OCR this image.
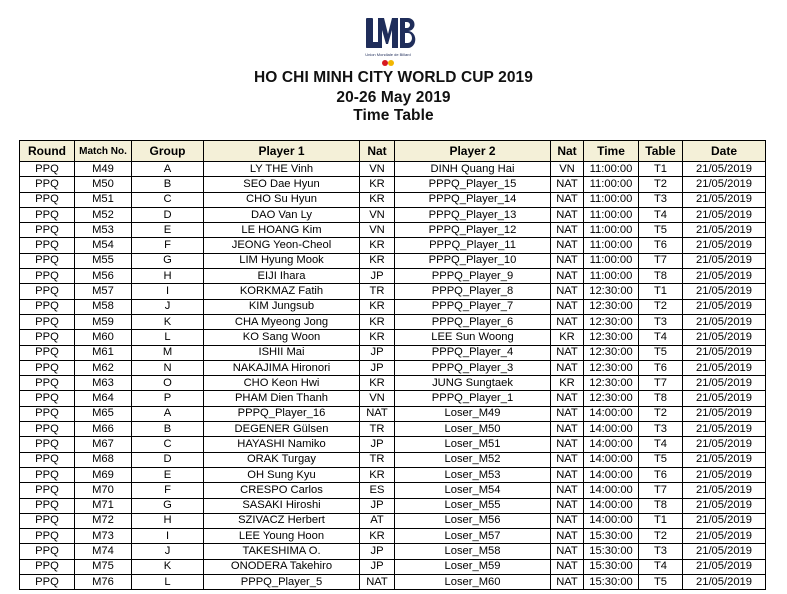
Union Mondiale de Billard
HO CHI MINH CITY WORLD CUP 2019
20-26 May 2019
Time Table
Round	Match No.	Group	Player 1	Nat	Player 2	Nat	Time	Table	Date
PPQ	M49	A	LY THE Vinh	VN	DINH Quang Hai	VN	11:00:00	T1	21/05/2019
PPQ	M50	B	SEO Dae Hyun	KR	PPPQ_Player_15	NAT	11:00:00	T2	21/05/2019
PPQ	M51	C	CHO Su Hyun	KR	PPPQ_Player_14	NAT	11:00:00	T3	21/05/2019
PPQ	M52	D	DAO Van Ly	VN	PPPQ_Player_13	NAT	11:00:00	T4	21/05/2019
PPQ	M53	E	LE HOANG Kim	VN	PPPQ_Player_12	NAT	11:00:00	T5	21/05/2019
PPQ	M54	F	JEONG Yeon-Cheol	KR	PPPQ_Player_11	NAT	11:00:00	T6	21/05/2019
PPQ	M55	G	LIM Hyung Mook	KR	PPPQ_Player_10	NAT	11:00:00	T7	21/05/2019
PPQ	M56	H	EIJI Ihara	JP	PPPQ_Player_9	NAT	11:00:00	T8	21/05/2019
PPQ	M57	I	KORKMAZ Fatih	TR	PPPQ_Player_8	NAT	12:30:00	T1	21/05/2019
PPQ	M58	J	KIM Jungsub	KR	PPPQ_Player_7	NAT	12:30:00	T2	21/05/2019
PPQ	M59	K	CHA Myeong Jong	KR	PPPQ_Player_6	NAT	12:30:00	T3	21/05/2019
PPQ	M60	L	KO Sang Woon	KR	LEE Sun Woong	KR	12:30:00	T4	21/05/2019
PPQ	M61	M	ISHII Mai	JP	PPPQ_Player_4	NAT	12:30:00	T5	21/05/2019
PPQ	M62	N	NAKAJIMA Hironori	JP	PPPQ_Player_3	NAT	12:30:00	T6	21/05/2019
PPQ	M63	O	CHO Keon Hwi	KR	JUNG Sungtaek	KR	12:30:00	T7	21/05/2019
PPQ	M64	P	PHAM Dien Thanh	VN	PPPQ_Player_1	NAT	12:30:00	T8	21/05/2019
PPQ	M65	A	PPPQ_Player_16	NAT	Loser_M49	NAT	14:00:00	T2	21/05/2019
PPQ	M66	B	DEGENER Gülsen	TR	Loser_M50	NAT	14:00:00	T3	21/05/2019
PPQ	M67	C	HAYASHI Namiko	JP	Loser_M51	NAT	14:00:00	T4	21/05/2019
PPQ	M68	D	ORAK Turgay	TR	Loser_M52	NAT	14:00:00	T5	21/05/2019
PPQ	M69	E	OH Sung Kyu	KR	Loser_M53	NAT	14:00:00	T6	21/05/2019
PPQ	M70	F	CRESPO Carlos	ES	Loser_M54	NAT	14:00:00	T7	21/05/2019
PPQ	M71	G	SASAKI Hiroshi	JP	Loser_M55	NAT	14:00:00	T8	21/05/2019
PPQ	M72	H	SZIVACZ Herbert	AT	Loser_M56	NAT	14:00:00	T1	21/05/2019
PPQ	M73	I	LEE Young Hoon	KR	Loser_M57	NAT	15:30:00	T2	21/05/2019
PPQ	M74	J	TAKESHIMA O.	JP	Loser_M58	NAT	15:30:00	T3	21/05/2019
PPQ	M75	K	ONODERA Takehiro	JP	Loser_M59	NAT	15:30:00	T4	21/05/2019
PPQ	M76	L	PPPQ_Player_5	NAT	Loser_M60	NAT	15:30:00	T5	21/05/2019
